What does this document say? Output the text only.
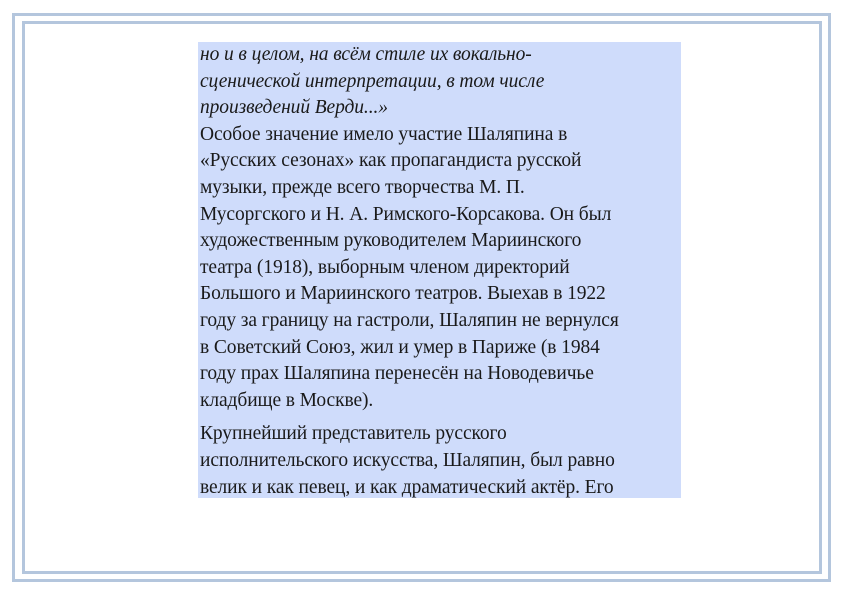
но и в целом, на всём стиле их вокально-
сценической интерпретации, в том числе
произведений Верди...»

Особое значение имело участие Шаляпина в
«Русских сезонах» как пропагандиста русской
музыки, прежде всего творчества М. П.
Мусоргского и Н. А. Римского-Корсакова. Он был
художественным руководителем Мариинского
театра (1918), выборным членом директорий
Большого и Мариинского театров. Выехав в 1922
году за границу на гастроли, Шаляпин не вернулся
в Советский Союз, жил и умер в Париже (в 1984
году прах Шаляпина перенесён на Новодевичье
кладбище в Москве).

Крупнейший представитель русского
исполнительского искусства, Шаляпин, был равно
велик и как певец, и как драматический актёр. Его
